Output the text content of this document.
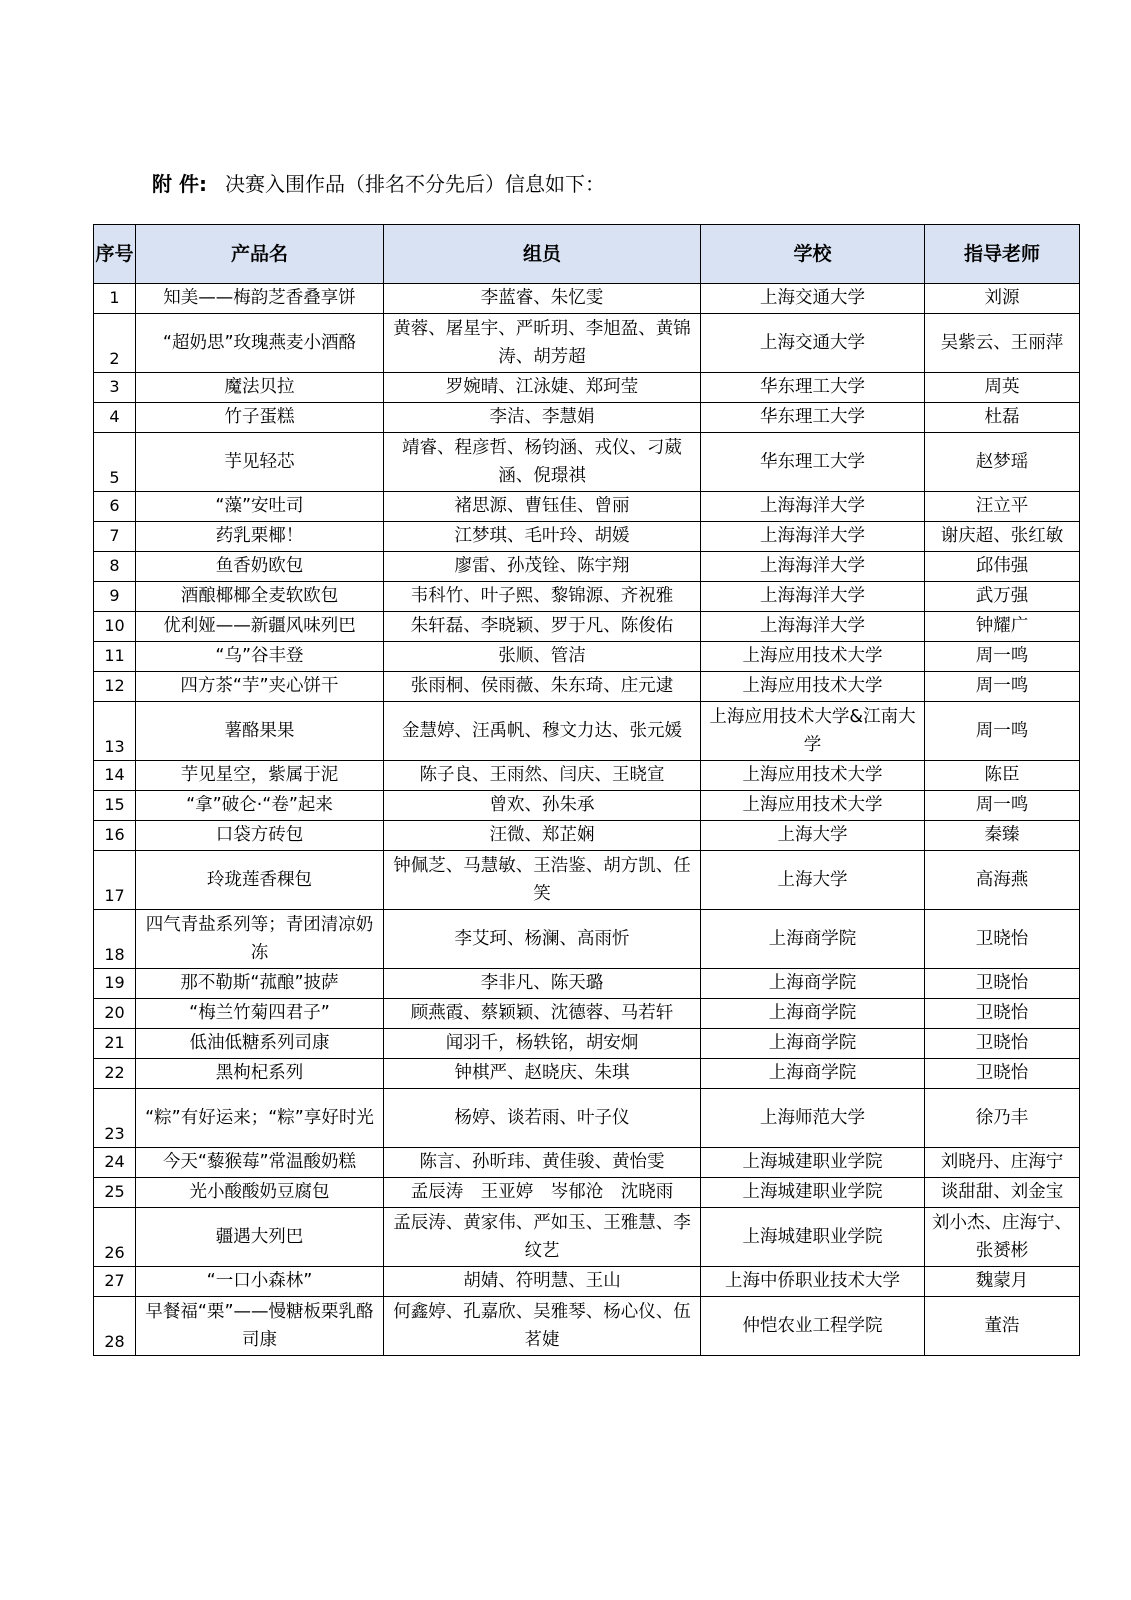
附 件: 决赛入围作品（排名不分先后）信息如下：
序号	产品名	组员	学校	指导老师
1	知美——梅韵芝香叠享饼	李蓝睿、朱忆雯	上海交通大学	刘源
2	“超奶思”玫瑰燕麦小酒酪	黄蓉、屠星宇、严昕玥、李旭盈、黄锦涛、胡芳超	上海交通大学	吴紫云、王丽萍
3	魔法贝拉	罗婉晴、江泳婕、郑珂莹	华东理工大学	周英
4	竹子蛋糕	李洁、李慧娟	华东理工大学	杜磊
5	芋见轻芯	靖睿、程彦哲、杨钧涵、戎仪、刁葳涵、倪璟祺	华东理工大学	赵梦瑶
6	“藻”安吐司	褚思源、曹钰佳、曾丽	上海海洋大学	汪立平
7	药乳栗椰！	江梦琪、毛叶玲、胡媛	上海海洋大学	谢庆超、张红敏
8	鱼香奶欧包	廖雷、孙茂铨、陈宇翔	上海海洋大学	邱伟强
9	酒酿椰椰全麦软欧包	韦科竹、叶子熙、黎锦源、齐祝雅	上海海洋大学	武万强
10	优利娅——新疆风味列巴	朱轩磊、李晓颖、罗于凡、陈俊佑	上海海洋大学	钟耀广
11	“乌”谷丰登	张顺、管洁	上海应用技术大学	周一鸣
12	四方茶“芋”夹心饼干	张雨桐、侯雨薇、朱东琦、庄元逮	上海应用技术大学	周一鸣
13	薯酪果果	金慧婷、汪禹帆、穆文力达、张元媛	上海应用技术大学&江南大学	周一鸣
14	芋见星空，紫属于泥	陈子良、王雨然、闫庆、王晓宣	上海应用技术大学	陈臣
15	“拿”破仑·“卷”起来	曾欢、孙朱承	上海应用技术大学	周一鸣
16	口袋方砖包	汪微、郑芷娴	上海大学	秦臻
17	玲珑莲香稞包	钟佩芝、马慧敏、王浩鉴、胡方凯、任笑	上海大学	高海燕
18	四气青盐系列等；青团清凉奶冻	李艾珂、杨澜、高雨忻	上海商学院	卫晓怡
19	那不勒斯“菰酿”披萨	李非凡、陈天璐	上海商学院	卫晓怡
20	“梅兰竹菊四君子”	顾燕霞、蔡颖颖、沈德蓉、马若轩	上海商学院	卫晓怡
21	低油低糖系列司康	闻羽千，杨轶铭，胡安炯	上海商学院	卫晓怡
22	黑枸杞系列	钟棋严、赵晓庆、朱琪	上海商学院	卫晓怡
23	“粽”有好运来；“粽”享好时光	杨婷、谈若雨、叶子仪	上海师范大学	徐乃丰
24	今天“藜猴莓”常温酸奶糕	陈言、孙昕玮、黄佳骏、黄怡雯	上海城建职业学院	刘晓丹、庄海宁
25	光小酸酸奶豆腐包	孟辰涛　王亚婷　岑郁沧　沈晓雨	上海城建职业学院	谈甜甜、刘金宝
26	疆遇大列巴	孟辰涛、黄家伟、严如玉、王雅慧、李纹艺	上海城建职业学院	刘小杰、庄海宁、张赟彬
27	“一口小森林”	胡婧、符明慧、王山	上海中侨职业技术大学	魏蒙月
28	早餐福“栗”——慢糖板栗乳酪司康	何鑫婷、孔嘉欣、吴雅琴、杨心仪、伍茗婕	仲恺农业工程学院	董浩
